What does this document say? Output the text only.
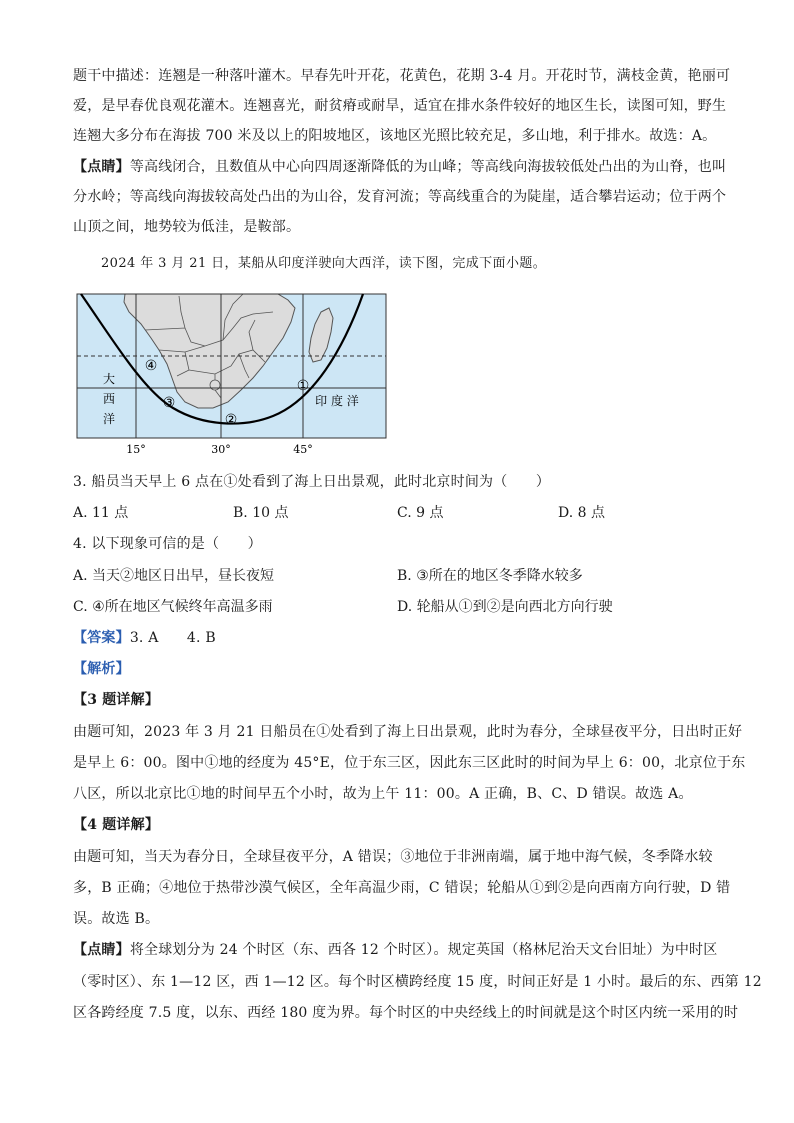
题干中描述：连翘是一种落叶灌木。早春先叶开花，花黄色，花期 3-4 月。开花时节，满枝金黄，艳丽可
爱，是早春优良观花灌木。连翘喜光，耐贫瘠或耐旱，适宜在排水条件较好的地区生长，读图可知，野生
连翘大多分布在海拔 700 米及以上的阳坡地区，该地区光照比较充足，多山地，利于排水。故选：A。
【点睛】等高线闭合，且数值从中心向四周逐渐降低的为山峰；等高线向海拔较低处凸出的为山脊，也叫
分水岭；等高线向海拔较高处凸出的为山谷，发育河流；等高线重合的为陡崖，适合攀岩运动；位于两个
山顶之间，地势较为低洼，是鞍部。
2024 年 3 月 21 日，某船从印度洋驶向大西洋，读下图，完成下面小题。
大
西
洋
印 度 洋
①
②
③
④
15°	30°	45°
3. 船员当天早上 6 点在①处看到了海上日出景观，此时北京时间为（　　）
A. 11 点	B. 10 点	C. 9 点	D. 8 点
4. 以下现象可信的是（　　）
A. 当天②地区日出早，昼长夜短	B. ③所在的地区冬季降水较多
C. ④所在地区气候终年高温多雨	D. 轮船从①到②是向西北方向行驶
【答案】3. A　　4. B
【解析】
【3 题详解】
由题可知，2023 年 3 月 21 日船员在①处看到了海上日出景观，此时为春分，全球昼夜平分，日出时正好
是早上 6：00。图中①地的经度为 45°E，位于东三区，因此东三区此时的时间为早上 6：00，北京位于东
八区，所以北京比①地的时间早五个小时，故为上午 11：00。A 正确，B、C、D 错误。故选 A。
【4 题详解】
由题可知，当天为春分日，全球昼夜平分，A 错误；③地位于非洲南端，属于地中海气候，冬季降水较
多，B 正确；④地位于热带沙漠气候区，全年高温少雨，C 错误；轮船从①到②是向西南方向行驶，D 错
误。故选 B。
【点睛】将全球划分为 24 个时区（东、西各 12 个时区）。规定英国（格林尼治天文台旧址）为中时区
（零时区）、东 1—12 区，西 1—12 区。每个时区横跨经度 15 度，时间正好是 1 小时。最后的东、西第 12
区各跨经度 7.5 度，以东、西经 180 度为界。每个时区的中央经线上的时间就是这个时区内统一采用的时
